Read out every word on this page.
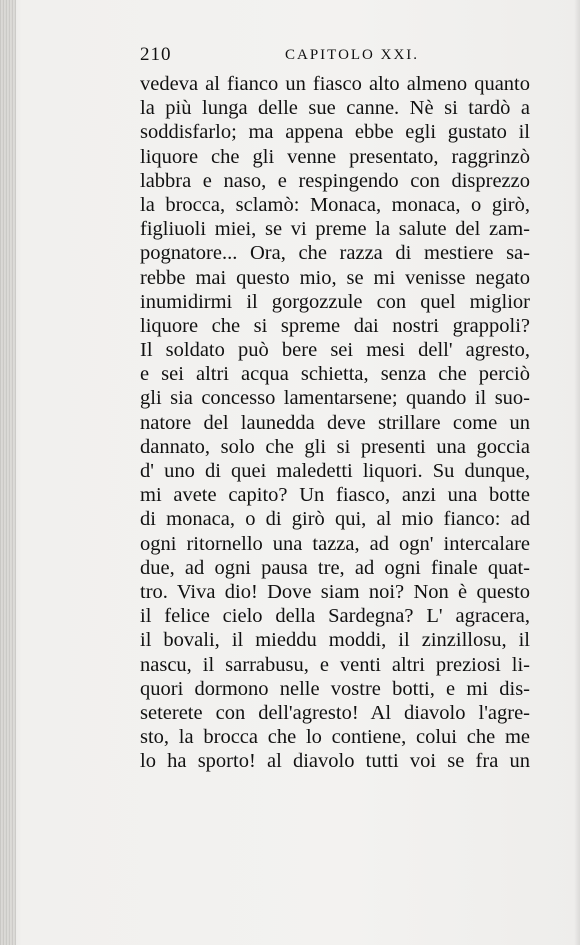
210	CAPITOLO XXI.
vedeva al fianco un fiasco alto almeno quanto
la più lunga delle sue canne. Nè si tardò a
soddisfarlo; ma appena ebbe egli gustato il
liquore che gli venne presentato, raggrinzò
labbra e naso, e respingendo con disprezzo
la brocca, sclamò: Monaca, monaca, o girò,
figliuoli miei, se vi preme la salute del zam-
pognatore... Ora, che razza di mestiere sa-
rebbe mai questo mio, se mi venisse negato
inumidirmi il gorgozzule con quel miglior
liquore che si spreme dai nostri grappoli?
Il soldato può bere sei mesi dell' agresto,
e sei altri acqua schietta, senza che perciò
gli sia concesso lamentarsene; quando il suo-
natore del launedda deve strillare come un
dannato, solo che gli si presenti una goccia
d' uno di quei maledetti liquori. Su dunque,
mi avete capito? Un fiasco, anzi una botte
di monaca, o di girò qui, al mio fianco: ad
ogni ritornello una tazza, ad ogn' intercalare
due, ad ogni pausa tre, ad ogni finale quat-
tro. Viva dio! Dove siam noi? Non è questo
il felice cielo della Sardegna? L' agracera,
il bovali, il mieddu moddi, il zinzillosu, il
nascu, il sarrabusu, e venti altri preziosi li-
quori dormono nelle vostre botti, e mi dis-
seterete con dell'agresto! Al diavolo l'agre-
sto, la brocca che lo contiene, colui che me
lo ha sporto! al diavolo tutti voi se fra un
